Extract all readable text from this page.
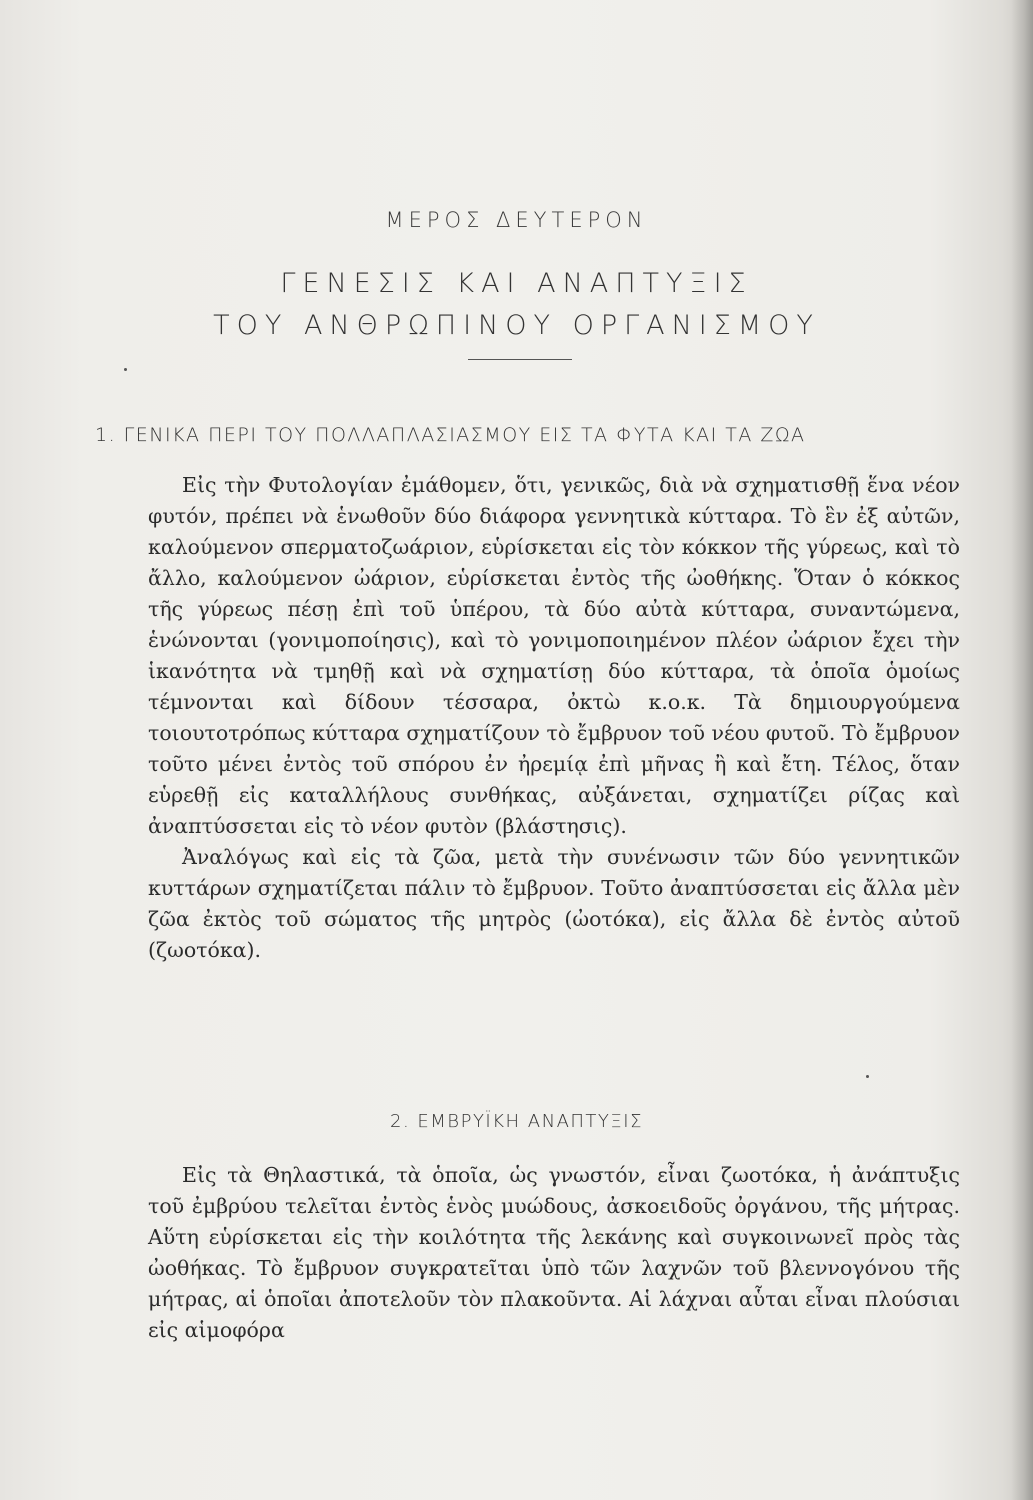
ΜΕΡΟΣ ΔΕΥΤΕΡΟΝ
ΓΕΝΕΣΙΣ ΚΑΙ ΑΝΑΠΤΥΞΙΣ
ΤΟΥ ΑΝΘΡΩΠΙΝΟΥ ΟΡΓΑΝΙΣΜΟΥ
1. ΓΕΝΙΚΑ ΠΕΡΙ ΤΟΥ ΠΟΛΛΑΠΛΑΣΙΑΣΜΟΥ ΕΙΣ ΤΑ ΦΥΤΑ ΚΑΙ ΤΑ ΖΩΑ

Εἰς τὴν Φυτολογίαν ἐμάθομεν, ὅτι, γενικῶς, διὰ νὰ σχηματισθῇ ἕνα νέον φυτόν, πρέπει νὰ ἑνωθοῦν δύο διάφορα γεννητικὰ κύτταρα. Τὸ ἓν ἐξ αὐτῶν, καλούμενον σπερματοζωάριον, εὑρίσκεται εἰς τὸν κόκκον τῆς γύρεως, καὶ τὸ ἄλλο, καλούμενον ὠάριον, εὑρίσκεται ἐντὸς τῆς ὠοθήκης. Ὅταν ὁ κόκκος τῆς γύρεως πέσῃ ἐπὶ τοῦ ὑπέρου, τὰ δύο αὐτὰ κύτταρα, συναντώμενα, ἑνώνονται (γονιμοποίησις), καὶ τὸ γονιμοποιημένον πλέον ὠάριον ἔχει τὴν ἱκανότητα νὰ τμηθῇ καὶ νὰ σχηματίσῃ δύο κύτταρα, τὰ ὁποῖα ὁμοίως τέμνονται καὶ δίδουν τέσσαρα, ὀκτὼ κ.ο.κ. Τὰ δημιουργούμενα τοιουτοτρόπως κύτταρα σχηματίζουν τὸ ἔμβρυον τοῦ νέου φυτοῦ. Τὸ ἔμβρυον τοῦτο μένει ἐντὸς τοῦ σπόρου ἐν ἠρεμίᾳ ἐπὶ μῆνας ἢ καὶ ἔτη. Τέλος, ὅταν εὑρεθῇ εἰς καταλλήλους συνθήκας, αὐξάνεται, σχηματίζει ρίζας καὶ ἀναπτύσσεται εἰς τὸ νέον φυτὸν (βλάστησις).

Ἀναλόγως καὶ εἰς τὰ ζῶα, μετὰ τὴν συνένωσιν τῶν δύο γεννητικῶν κυττάρων σχηματίζεται πάλιν τὸ ἔμβρυον. Τοῦτο ἀναπτύσσεται εἰς ἄλλα μὲν ζῶα ἐκτὸς τοῦ σώματος τῆς μητρὸς (ὠοτόκα), εἰς ἄλλα δὲ ἐντὸς αὐτοῦ (ζωοτόκα).

2. ΕΜΒΡΥΪΚΗ ΑΝΑΠΤΥΞΙΣ

Εἰς τὰ Θηλαστικά, τὰ ὁποῖα, ὡς γνωστόν, εἶναι ζωοτόκα, ἡ ἀνάπτυξις τοῦ ἐμβρύου τελεῖται ἐντὸς ἑνὸς μυώδους, ἀσκοειδοῦς ὀργάνου, τῆς μήτρας. Αὕτη εὑρίσκεται εἰς τὴν κοιλότητα τῆς λεκάνης καὶ συγκοινωνεῖ πρὸς τὰς ὠοθήκας. Τὸ ἔμβρυον συγκρατεῖται ὑπὸ τῶν λαχνῶν τοῦ βλεννογόνου τῆς μήτρας, αἱ ὁποῖαι ἀποτελοῦν τὸν πλακοῦντα. Αἱ λάχναι αὗται εἶναι πλούσιαι εἰς αἱμοφόρα
